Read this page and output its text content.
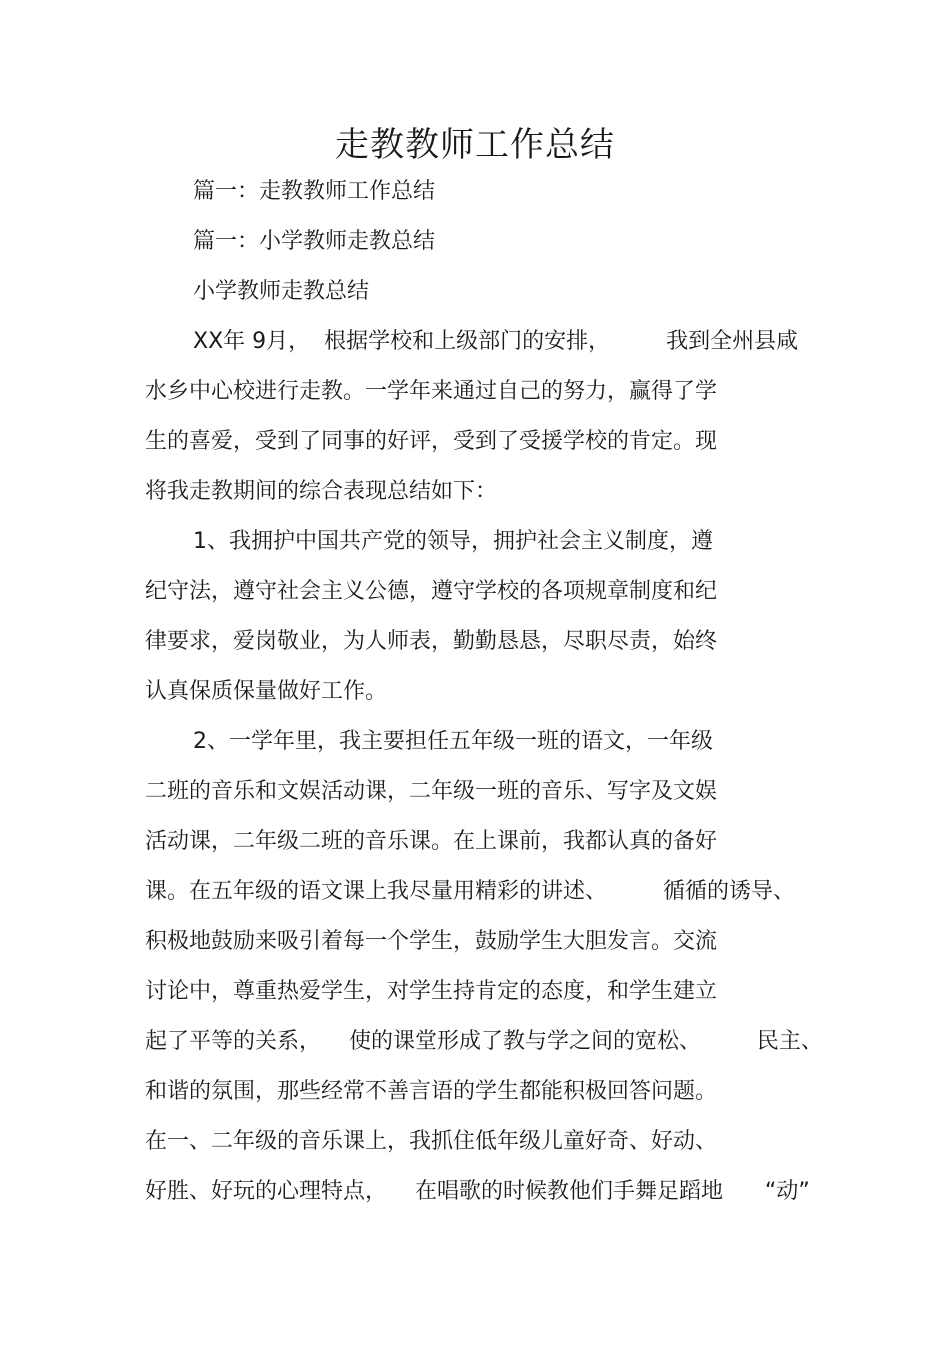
走教教师工作总结
篇一：走教教师工作总结
篇一：小学教师走教总结
小学教师走教总结
XX年 9月，  根据学校和上级部门的安排，        我到全州县咸
水乡中心校进行走教。一学年来通过自己的努力，赢得了学
生的喜爱，受到了同事的好评，受到了受援学校的肯定。现
将我走教期间的综合表现总结如下：
1、我拥护中国共产党的领导，拥护社会主义制度，遵
纪守法，遵守社会主义公德，遵守学校的各项规章制度和纪
律要求，爱岗敬业，为人师表，勤勤恳恳，尽职尽责，始终
认真保质保量做好工作。
2、一学年里，我主要担任五年级一班的语文，一年级
二班的音乐和文娱活动课，二年级一班的音乐、写字及文娱
活动课，二年级二班的音乐课。在上课前，我都认真的备好
课。在五年级的语文课上我尽量用精彩的讲述、        循循的诱导、
积极地鼓励来吸引着每一个学生，鼓励学生大胆发言。交流
讨论中，尊重热爱学生，对学生持肯定的态度，和学生建立
起了平等的关系，    使的课堂形成了教与学之间的宽松、        民主、
和谐的氛围，那些经常不善言语的学生都能积极回答问题。
在一、二年级的音乐课上，我抓住低年级儿童好奇、好动、
好胜、好玩的心理特点，    在唱歌的时候教他们手舞足蹈地      “动”
